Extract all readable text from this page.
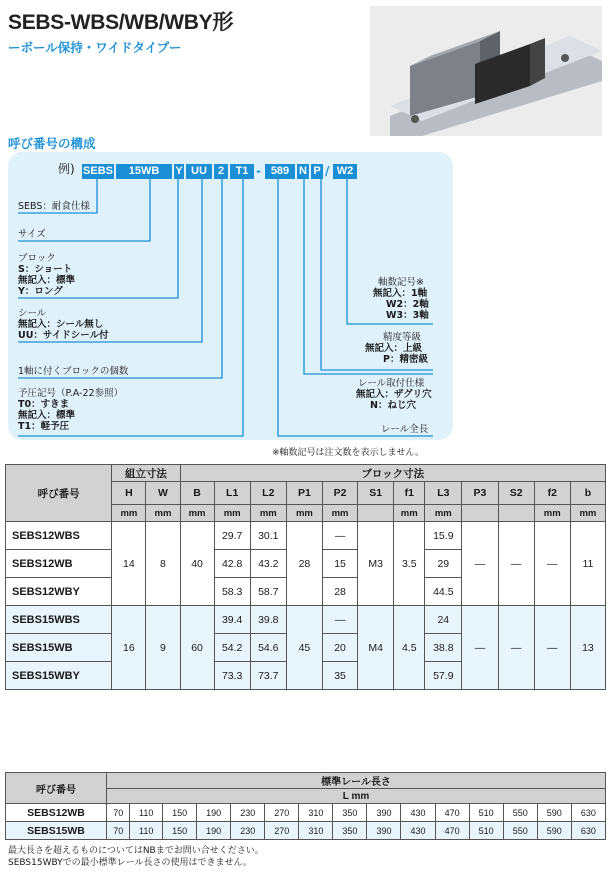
SEBS-WBS/WB/WBY形
ーボール保持・ワイドタイプー
呼び番号の構成
例) SEBS	15WB	Y UU	2	T1 - 589 N P / W2
SEBS：耐食仕様
サイズ
ブロック
S：ショート
無記入：標準
Y：ロング
シール
無記入：シール無し
UU：サイドシール付
1軸に付くブロックの個数
予圧記号（P.A-22参照）
T0：すきま
無記入：標準
T1：軽予圧
軸数記号※
無記入：1軸
W2：2軸
W3：3軸
精度等級
無記入：上級
P：精密級
レール取付仕様
無記入：ザグリ穴
N：ねじ穴
レール全長
※軸数記号は注文数を表示しません。
呼び番号	組立寸法		ブロック寸法											
	H	W	B	L1	L2	P1	P2	S1	f1	L3	P3	S2	f2	b
	mm	mm	mm	mm	mm	mm	mm		mm	mm			mm	mm
SEBS12WBS	14	8	40	29.7	30.1	28	—	M3	3.5	15.9	—	—	—	11
SEBS12WB				42.8	43.2		15			29				
SEBS12WBY				58.3	58.7		28			44.5				
SEBS15WBS	16	9	60	39.4	39.8	45	—	M4	4.5	24	—	—	—	13
SEBS15WB				54.2	54.6		20			38.8				
SEBS15WBY				73.3	73.7		35			57.9				
呼び番号	標準レール長さ														
	L mm														
SEBS12WB	70	110	150	190	230	270	310	350	390	430	470	510	550	590	630
SEBS15WB	70	110	150	190	230	270	310	350	390	430	470	510	550	590	630
最大長さを超えるものについてはNBまでお問い合せください。
SEBS15WBYでの最小標準レール長さの使用はできません。
